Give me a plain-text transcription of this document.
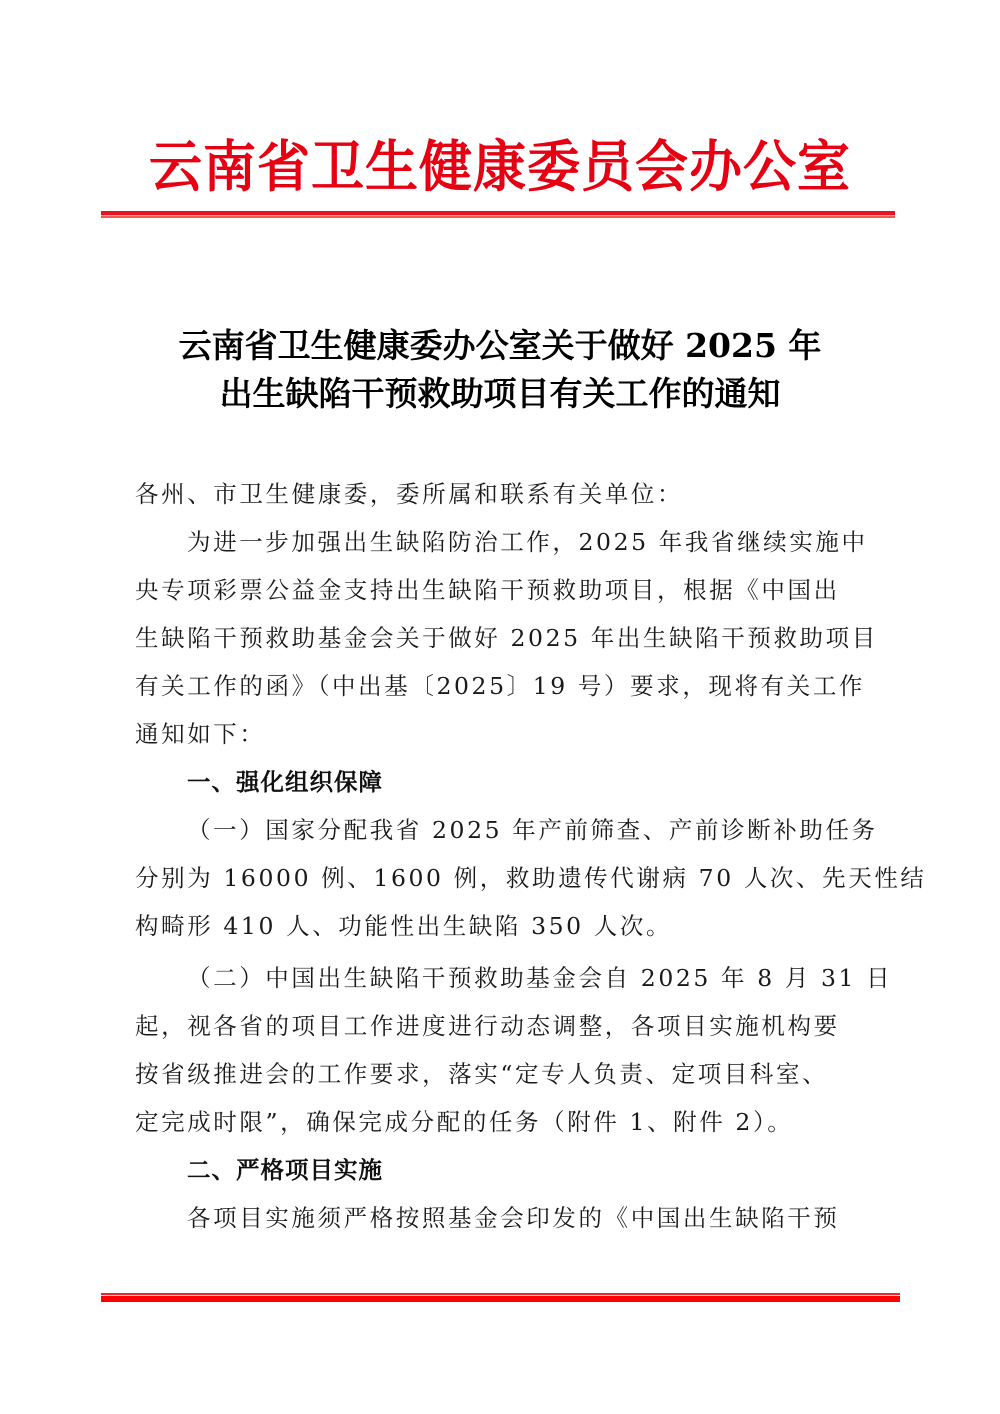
云南省卫生健康委员会办公室
云南省卫生健康委办公室关于做好 2025 年
出生缺陷干预救助项目有关工作的通知
各州、市卫生健康委，委所属和联系有关单位：
为进一步加强出生缺陷防治工作，2025 年我省继续实施中
央专项彩票公益金支持出生缺陷干预救助项目，根据《中国出
生缺陷干预救助基金会关于做好 2025 年出生缺陷干预救助项目
有关工作的函》（中出基〔2025〕19 号）要求，现将有关工作
通知如下：
一、强化组织保障
（一）国家分配我省 2025 年产前筛查、产前诊断补助任务
分别为 16000 例、1600 例，救助遗传代谢病 70 人次、先天性结
构畸形 410 人、功能性出生缺陷 350 人次。
（二）中国出生缺陷干预救助基金会自 2025 年 8 月 31 日
起，视各省的项目工作进度进行动态调整，各项目实施机构要
按省级推进会的工作要求，落实“定专人负责、定项目科室、
定完成时限”，确保完成分配的任务（附件 1、附件 2）。
二、严格项目实施
各项目实施须严格按照基金会印发的《中国出生缺陷干预
